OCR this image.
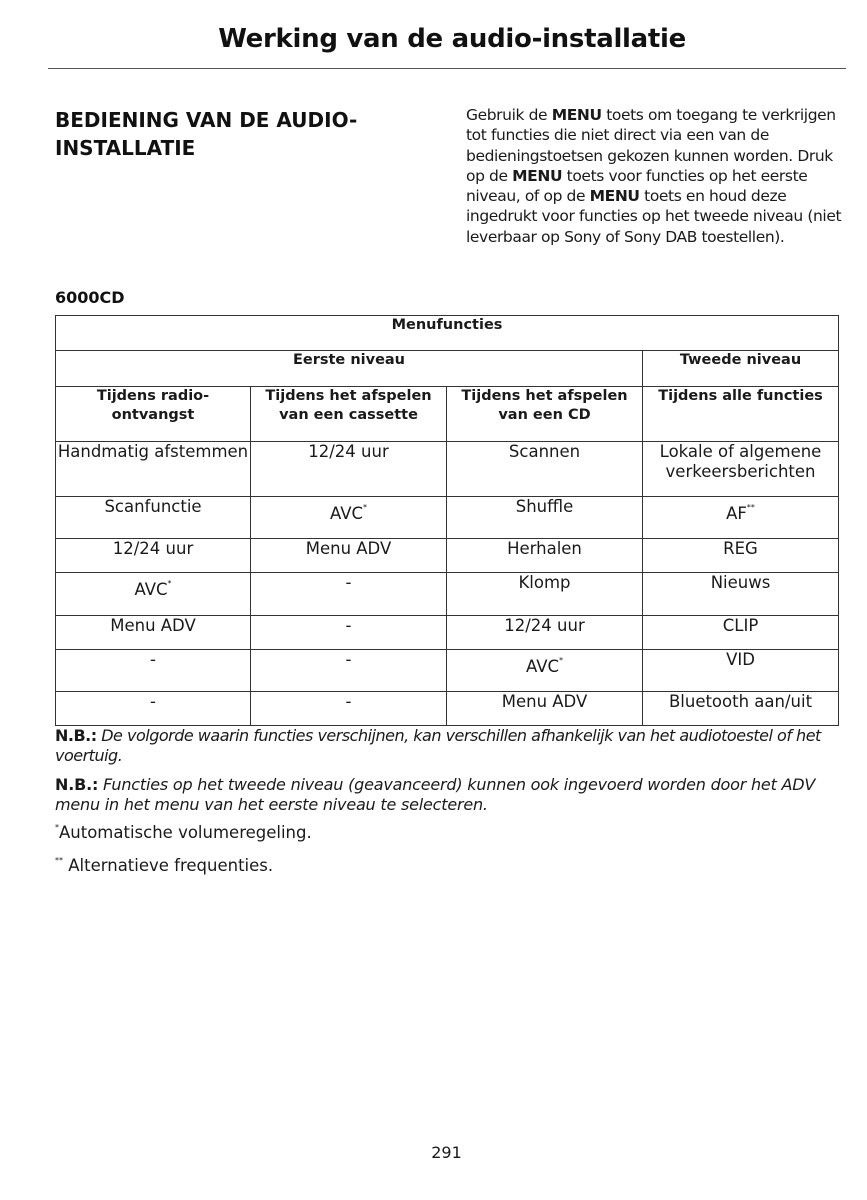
Werking van de audio-installatie
BEDIENING VAN DE AUDIO-INSTALLATIE
Gebruik de MENU toets om toegang te verkrijgen tot functies die niet direct via een van de bedieningstoetsen gekozen kunnen worden. Druk op de MENU toets voor functies op het eerste niveau, of op de MENU toets en houd deze ingedrukt voor functies op het tweede niveau (niet leverbaar op Sony of Sony DAB toestellen).
6000CD
Menufuncties			
Eerste niveau			Tweede niveau
Tijdens radio-ontvangst	Tijdens het afspelen van een cassette	Tijdens het afspelen van een CD	Tijdens alle functies
Handmatig afstemmen	12/24 uur	Scannen	Lokale of algemene verkeersberichten
Scanfunctie	AVC*	Shuffle	AF**
12/24 uur	Menu ADV	Herhalen	REG
AVC*	-	Klomp	Nieuws
Menu ADV	-	12/24 uur	CLIP
-	-	AVC*	VID
-	-	Menu ADV	Bluetooth aan/uit
N.B.: De volgorde waarin functies verschijnen, kan verschillen afhankelijk van het audiotoestel of het voertuig.
N.B.: Functies op het tweede niveau (geavanceerd) kunnen ook ingevoerd worden door het ADV menu in het menu van het eerste niveau te selecteren.
*Automatische volumeregeling.
** Alternatieve frequenties.
291
